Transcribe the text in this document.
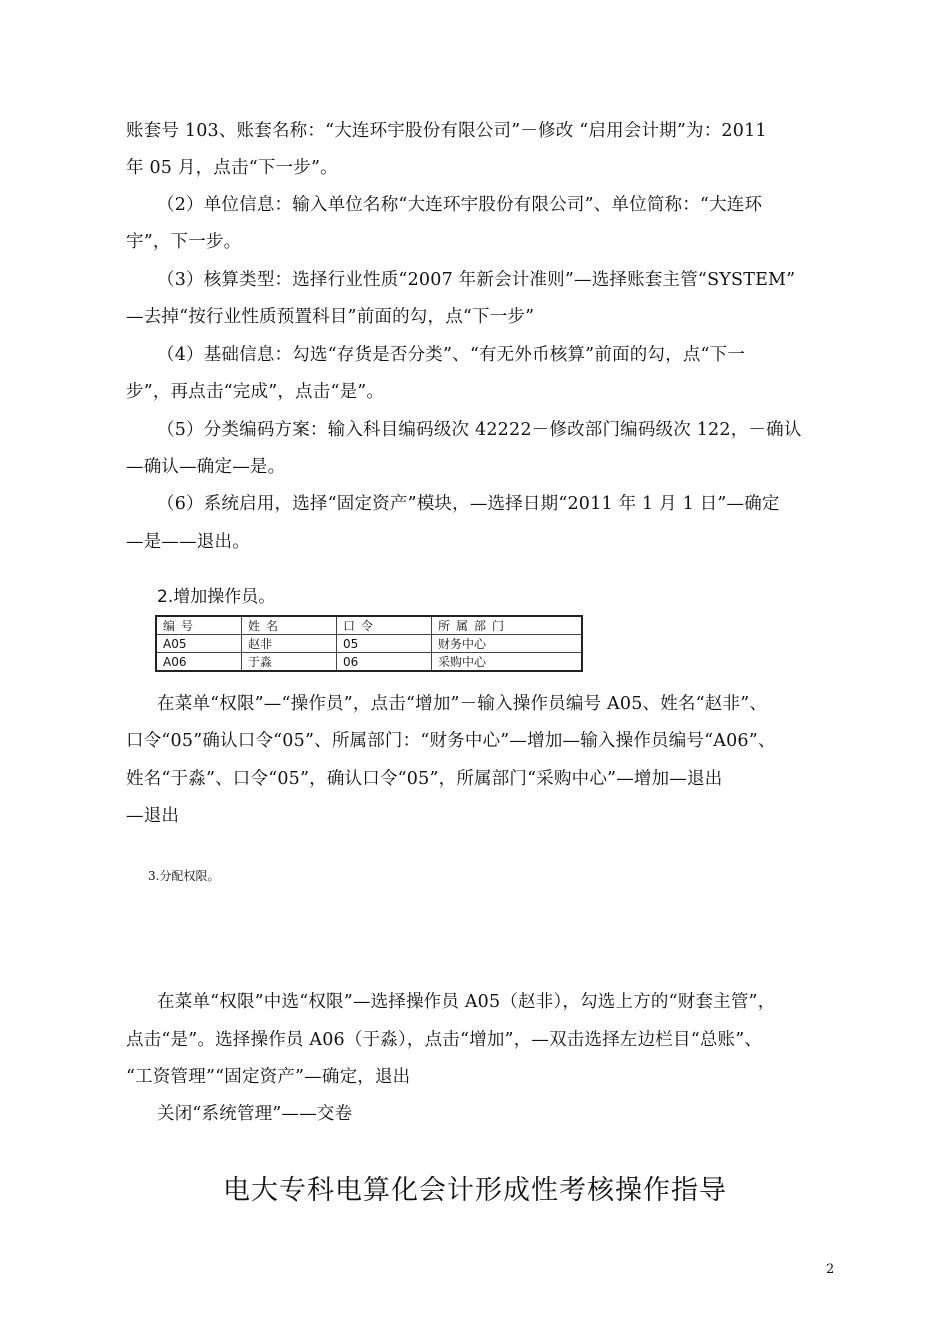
账套号 103、账套名称：“大连环宇股份有限公司”－修改 “启用会计期”为：2011
年 05 月，点击“下一步”。
（2）单位信息：输入单位名称“大连环宇股份有限公司”、单位简称：“大连环
宇”，下一步。
（3）核算类型：选择行业性质“2007 年新会计准则”—选择账套主管“SYSTEM”
—去掉“按行业性质预置科目”前面的勾，点“下一步”
（4）基础信息：勾选“存货是否分类”、“有无外币核算”前面的勾，点“下一
步”，再点击“完成”，点击“是”。
（5）分类编码方案：输入科目编码级次 42222－修改部门编码级次 122，－确认
—确认—确定—是。
（6）系统启用，选择“固定资产”模块，—选择日期“2011 年 1 月 1 日”—确定
—是——退出。
2.增加操作员。
编号	姓名	口令	所属部门
A05	赵非	05	财务中心
A06	于淼	06	采购中心
在菜单“权限”—“操作员”，点击“增加”－输入操作员编号 A05、姓名“赵非”、
口令“05”确认口令“05”、所属部门：“财务中心”—增加—输入操作员编号“A06”、
姓名“于淼”、口令“05”，确认口令“05”，所属部门“采购中心”—增加—退出
—退出
3.分配权限。
在菜单“权限”中选“权限”—选择操作员 A05（赵非），勾选上方的“财套主管”，
点击“是”。选择操作员 A06（于淼），点击“增加”，—双击选择左边栏目“总账”、
“工资管理”“固定资产”—确定，退出
关闭“系统管理”——交卷
电大专科电算化会计形成性考核操作指导
2
